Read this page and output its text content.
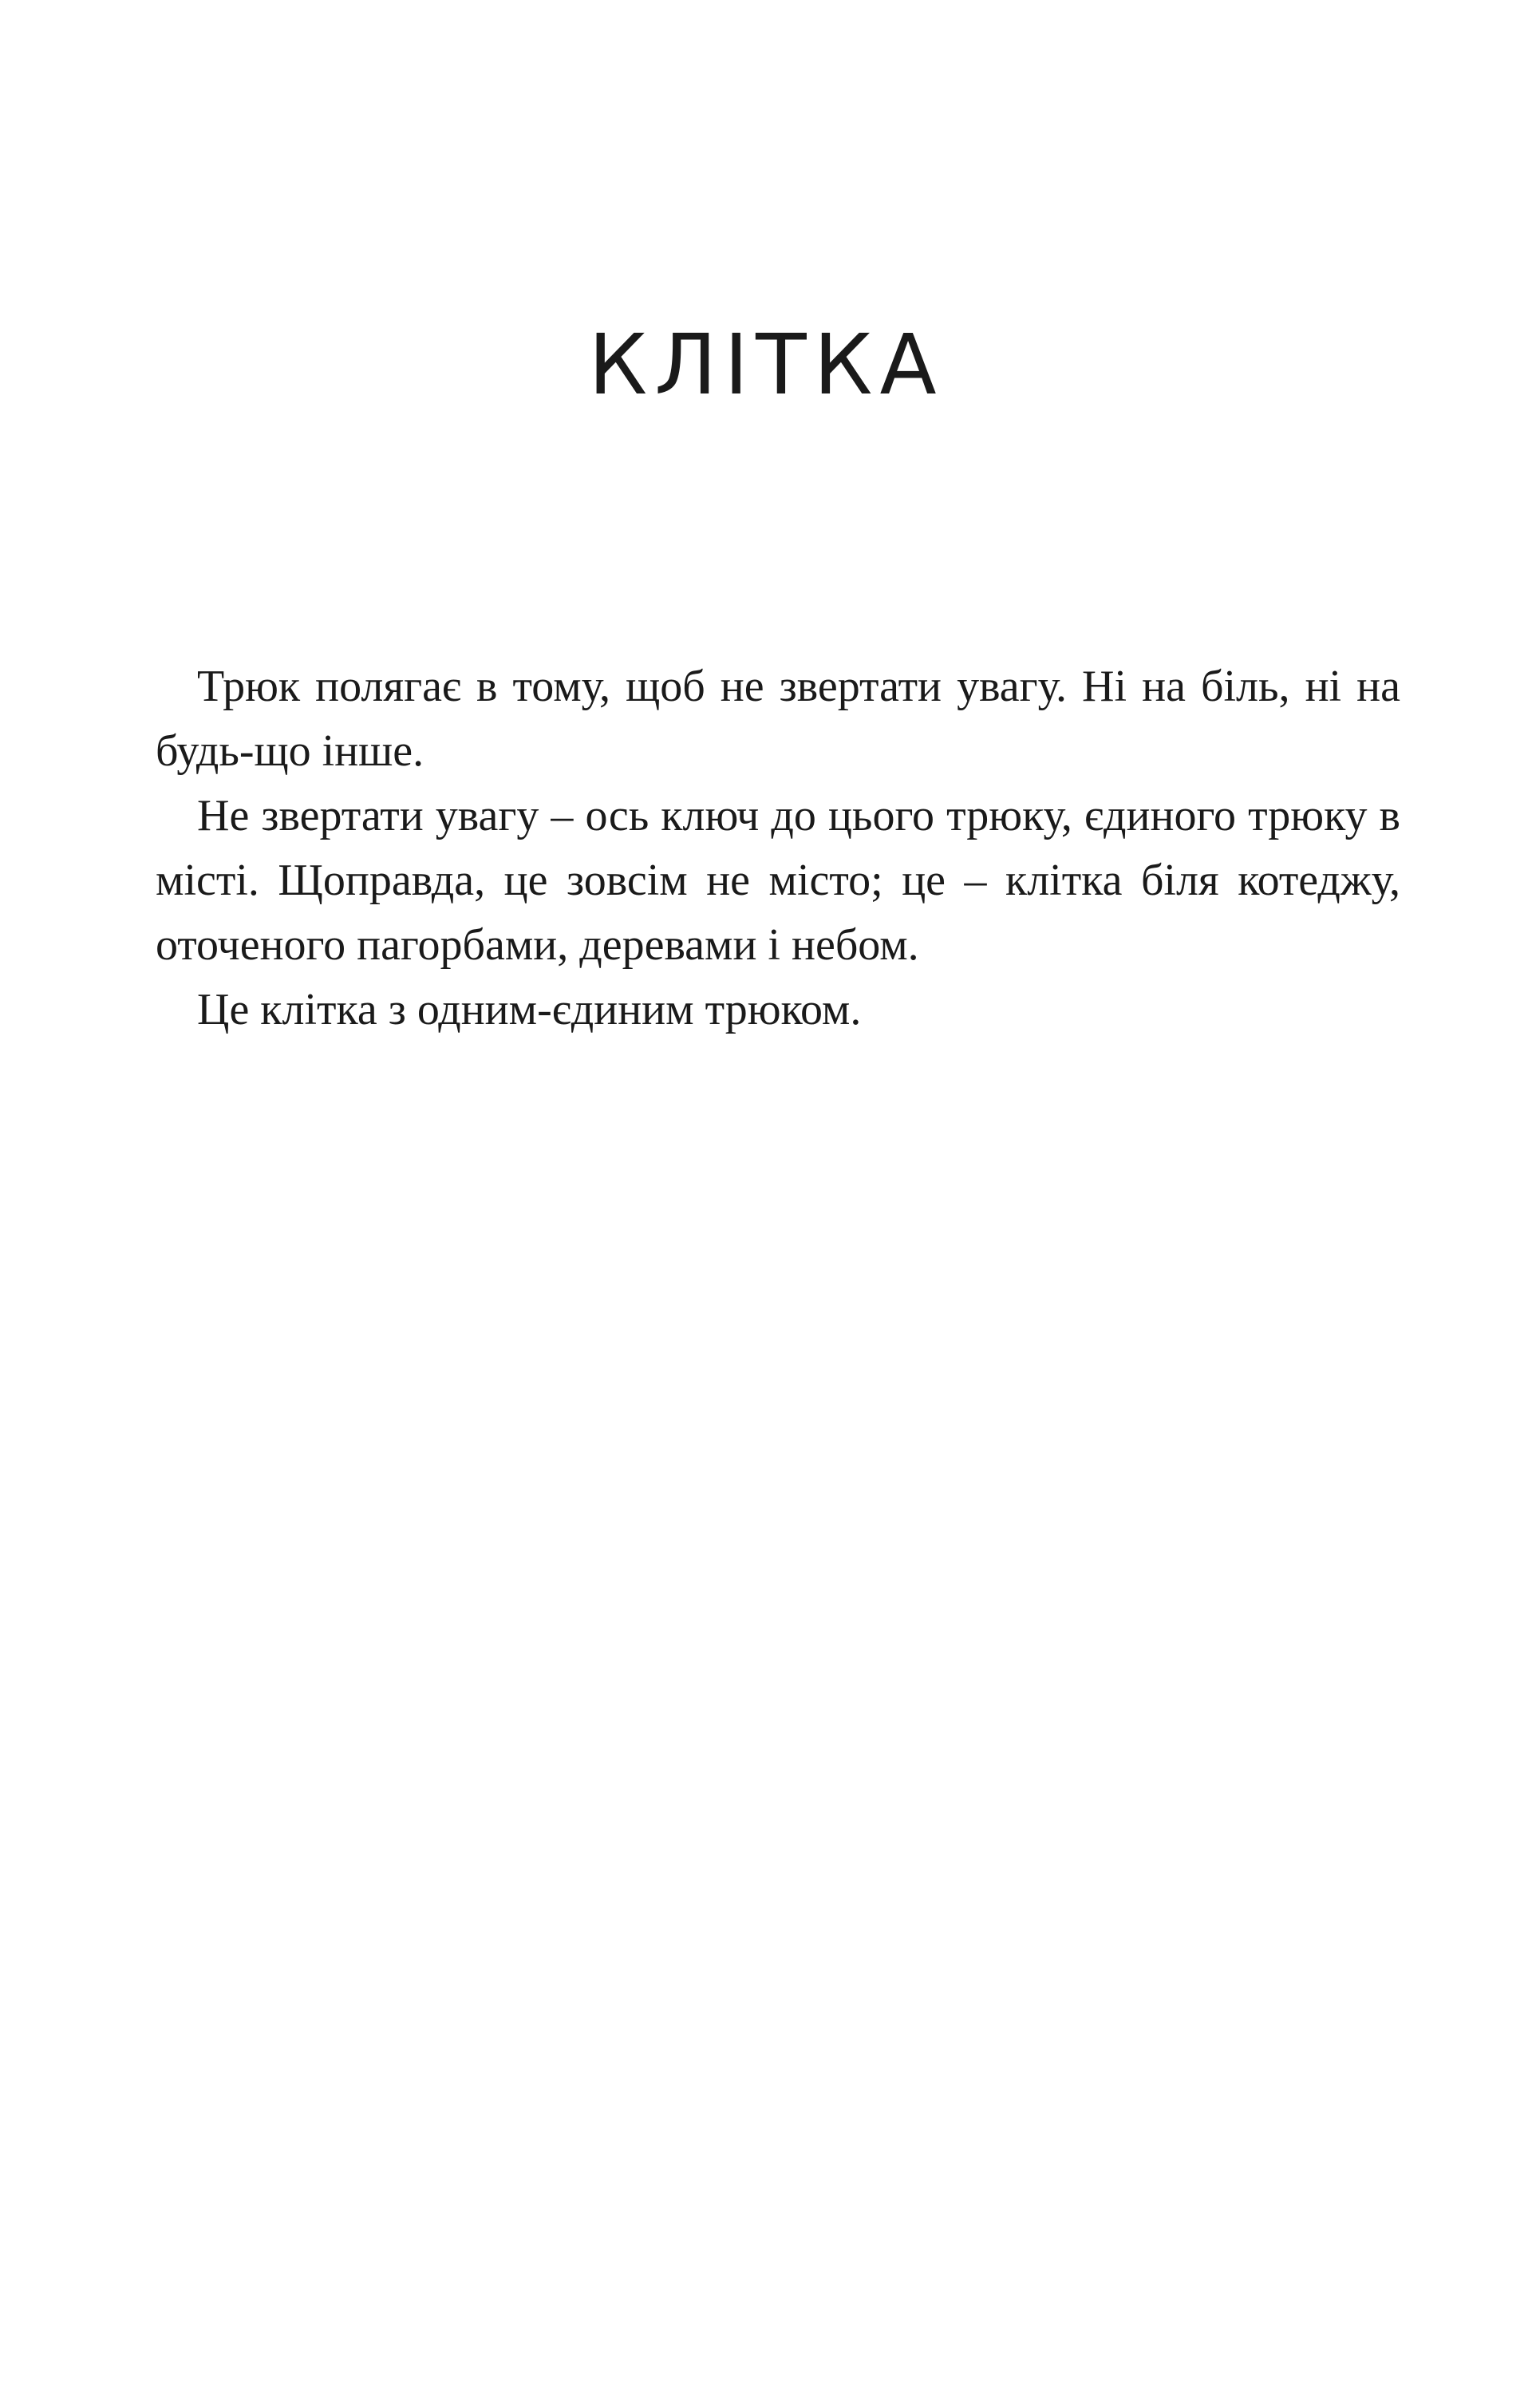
КЛІТКА

Трюк полягає в тому, щоб не звертати увагу. Ні на біль, ні на будь-що інше.

Не звертати увагу – ось ключ до цього трюку, єдиного трюку в місті. Щоправда, це зовсім не місто; це – клітка біля котеджу, оточеного пагорбами, деревами і небом.

Це клітка з одним-єдиним трюком.
